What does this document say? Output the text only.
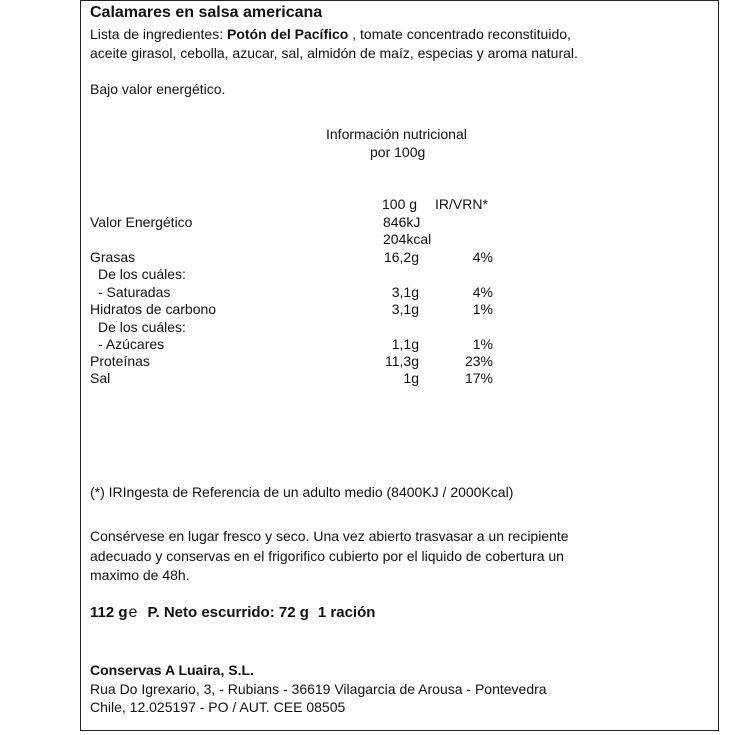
Calamares en salsa americana
Lista de ingredientes: Potón del Pacífico , tomate concentrado reconstituido,
aceite girasol, cebolla, azucar, sal, almidón de maíz, especias y aroma natural.
Bajo valor energético.
Información nutricional
por 100g
100 g IR/VRN*
Valor Energético	846kJ
204kcal
Grasas	16,2g	4%
De los cuáles:
- Saturadas	3,1g	4%
Hidratos de carbono	3,1g	1%
De los cuáles:
- Azúcares	1,1g	1%
Proteínas	11,3g	23%
Sal	1g	17%
(*) IRIngesta de Referencia de un adulto medio (8400KJ / 2000Kcal)
Consérvese en lugar fresco y seco. Una vez abierto trasvasar a un recipiente
adecuado y conservas en el frigorifico cubierto por el liquido de cobertura un
maximo de 48h.
112 ge P. Neto escurrido: 72 g 1 ración
Conservas A Luaira, S.L.
Rua Do Igrexario, 3, - Rubians - 36619 Vilagarcia de Arousa - Pontevedra
Chile, 12.025197 - PO / AUT. CEE 08505
